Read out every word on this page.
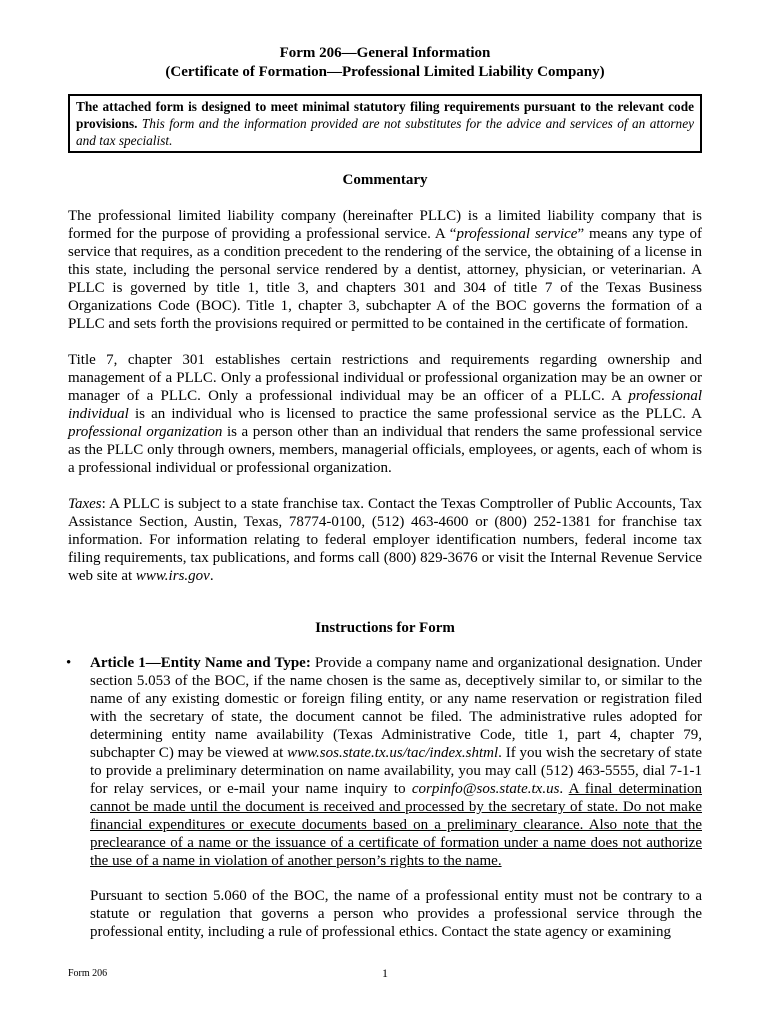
Form 206—General Information
(Certificate of Formation—Professional Limited Liability Company)
The attached form is designed to meet minimal statutory filing requirements pursuant to the relevant code provisions. This form and the information provided are not substitutes for the advice and services of an attorney and tax specialist.
Commentary

The professional limited liability company (hereinafter PLLC) is a limited liability company that is formed for the purpose of providing a professional service. A “professional service” means any type of service that requires, as a condition precedent to the rendering of the service, the obtaining of a license in this state, including the personal service rendered by a dentist, attorney, physician, or veterinarian. A PLLC is governed by title 1, title 3, and chapters 301 and 304 of title 7 of the Texas Business Organizations Code (BOC). Title 1, chapter 3, subchapter A of the BOC governs the formation of a PLLC and sets forth the provisions required or permitted to be contained in the certificate of formation.

Title 7, chapter 301 establishes certain restrictions and requirements regarding ownership and management of a PLLC. Only a professional individual or professional organization may be an owner or manager of a PLLC. Only a professional individual may be an officer of a PLLC. A professional individual is an individual who is licensed to practice the same professional service as the PLLC. A professional organization is a person other than an individual that renders the same professional service as the PLLC only through owners, members, managerial officials, employees, or agents, each of whom is a professional individual or professional organization.

Taxes: A PLLC is subject to a state franchise tax. Contact the Texas Comptroller of Public Accounts, Tax Assistance Section, Austin, Texas, 78774-0100, (512) 463-4600 or (800) 252-1381 for franchise tax information. For information relating to federal employer identification numbers, federal income tax filing requirements, tax publications, and forms call (800) 829-3676 or visit the Internal Revenue Service web site at www.irs.gov.

Instructions for Form
• Article 1—Entity Name and Type: Provide a company name and organizational designation. Under section 5.053 of the BOC, if the name chosen is the same as, deceptively similar to, or similar to the name of any existing domestic or foreign filing entity, or any name reservation or registration filed with the secretary of state, the document cannot be filed. The administrative rules adopted for determining entity name availability (Texas Administrative Code, title 1, part 4, chapter 79, subchapter C) may be viewed at www.sos.state.tx.us/tac/index.shtml. If you wish the secretary of state to provide a preliminary determination on name availability, you may call (512) 463-5555, dial 7-1-1 for relay services, or e-mail your name inquiry to corpinfo@sos.state.tx.us. A final determination cannot be made until the document is received and processed by the secretary of state. Do not make financial expenditures or execute documents based on a preliminary clearance. Also note that the preclearance of a name or the issuance of a certificate of formation under a name does not authorize the use of a name in violation of another person’s rights to the name.

Pursuant to section 5.060 of the BOC, the name of a professional entity must not be contrary to a statute or regulation that governs a person who provides a professional service through the professional entity, including a rule of professional ethics. Contact the state agency or examining

Form 206	1
